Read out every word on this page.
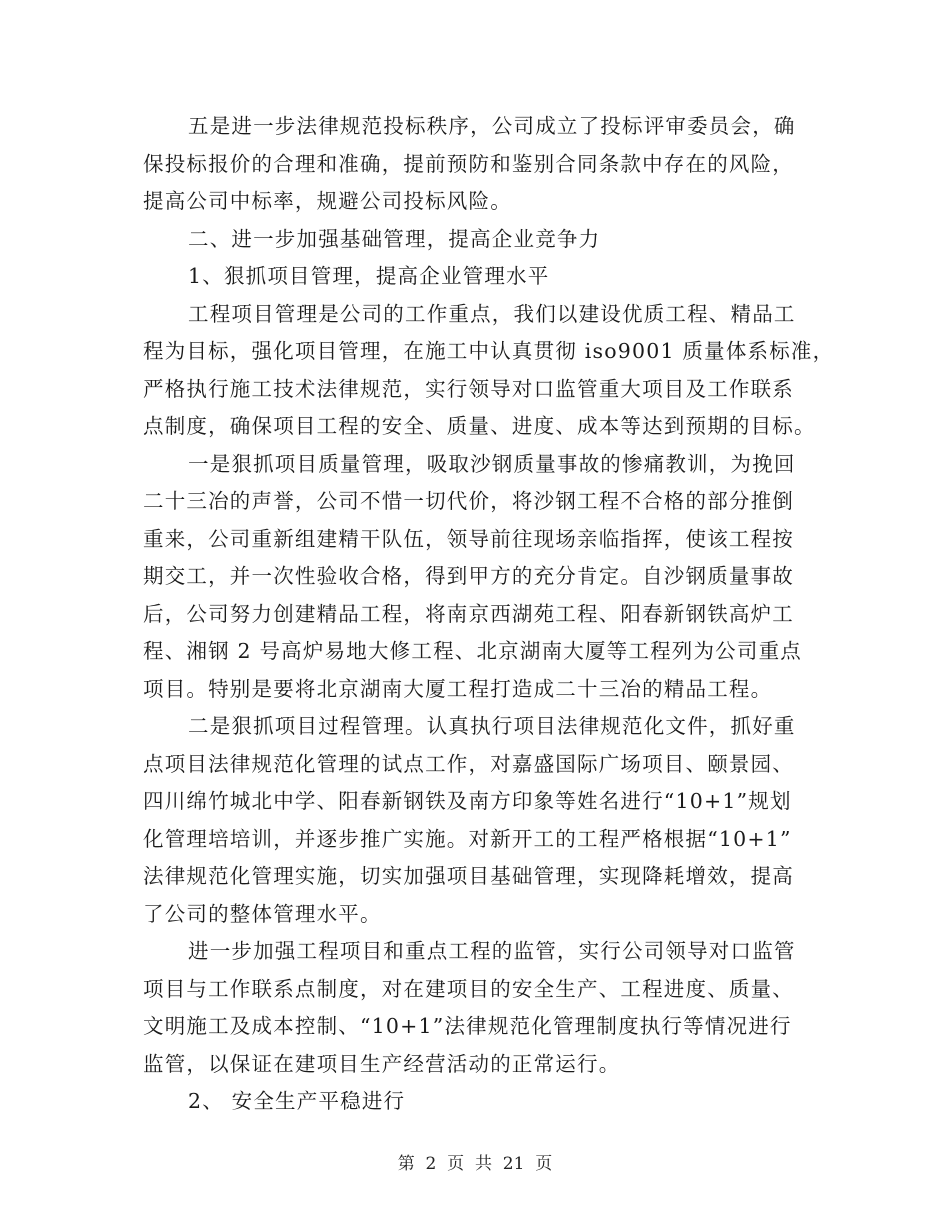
五是进一步法律规范投标秩序，公司成立了投标评审委员会，确
保投标报价的合理和准确，提前预防和鉴别合同条款中存在的风险，
提高公司中标率，规避公司投标风险。
二、进一步加强基础管理，提高企业竞争力
1、狠抓项目管理，提高企业管理水平
工程项目管理是公司的工作重点，我们以建设优质工程、精品工
程为目标，强化项目管理，在施工中认真贯彻 iso9001 质量体系标准，
严格执行施工技术法律规范，实行领导对口监管重大项目及工作联系
点制度，确保项目工程的安全、质量、进度、成本等达到预期的目标。
一是狠抓项目质量管理，吸取沙钢质量事故的惨痛教训，为挽回
二十三冶的声誉，公司不惜一切代价，将沙钢工程不合格的部分推倒
重来，公司重新组建精干队伍，领导前往现场亲临指挥，使该工程按
期交工，并一次性验收合格，得到甲方的充分肯定。自沙钢质量事故
后，公司努力创建精品工程，将南京西湖苑工程、阳春新钢铁高炉工
程、湘钢 2 号高炉易地大修工程、北京湖南大厦等工程列为公司重点
项目。特别是要将北京湖南大厦工程打造成二十三冶的精品工程。
二是狠抓项目过程管理。认真执行项目法律规范化文件，抓好重
点项目法律规范化管理的试点工作，对嘉盛国际广场项目、颐景园、
四川绵竹城北中学、阳春新钢铁及南方印象等姓名进行“10+1”规划
化管理培培训，并逐步推广实施。对新开工的工程严格根据“10+1”
法律规范化管理实施，切实加强项目基础管理，实现降耗增效，提高
了公司的整体管理水平。
进一步加强工程项目和重点工程的监管，实行公司领导对口监管
项目与工作联系点制度，对在建项目的安全生产、工程进度、质量、
文明施工及成本控制、“10+1”法律规范化管理制度执行等情况进行
监管，以保证在建项目生产经营活动的正常运行。
2、 安全生产平稳进行
第  2  页  共  21  页
